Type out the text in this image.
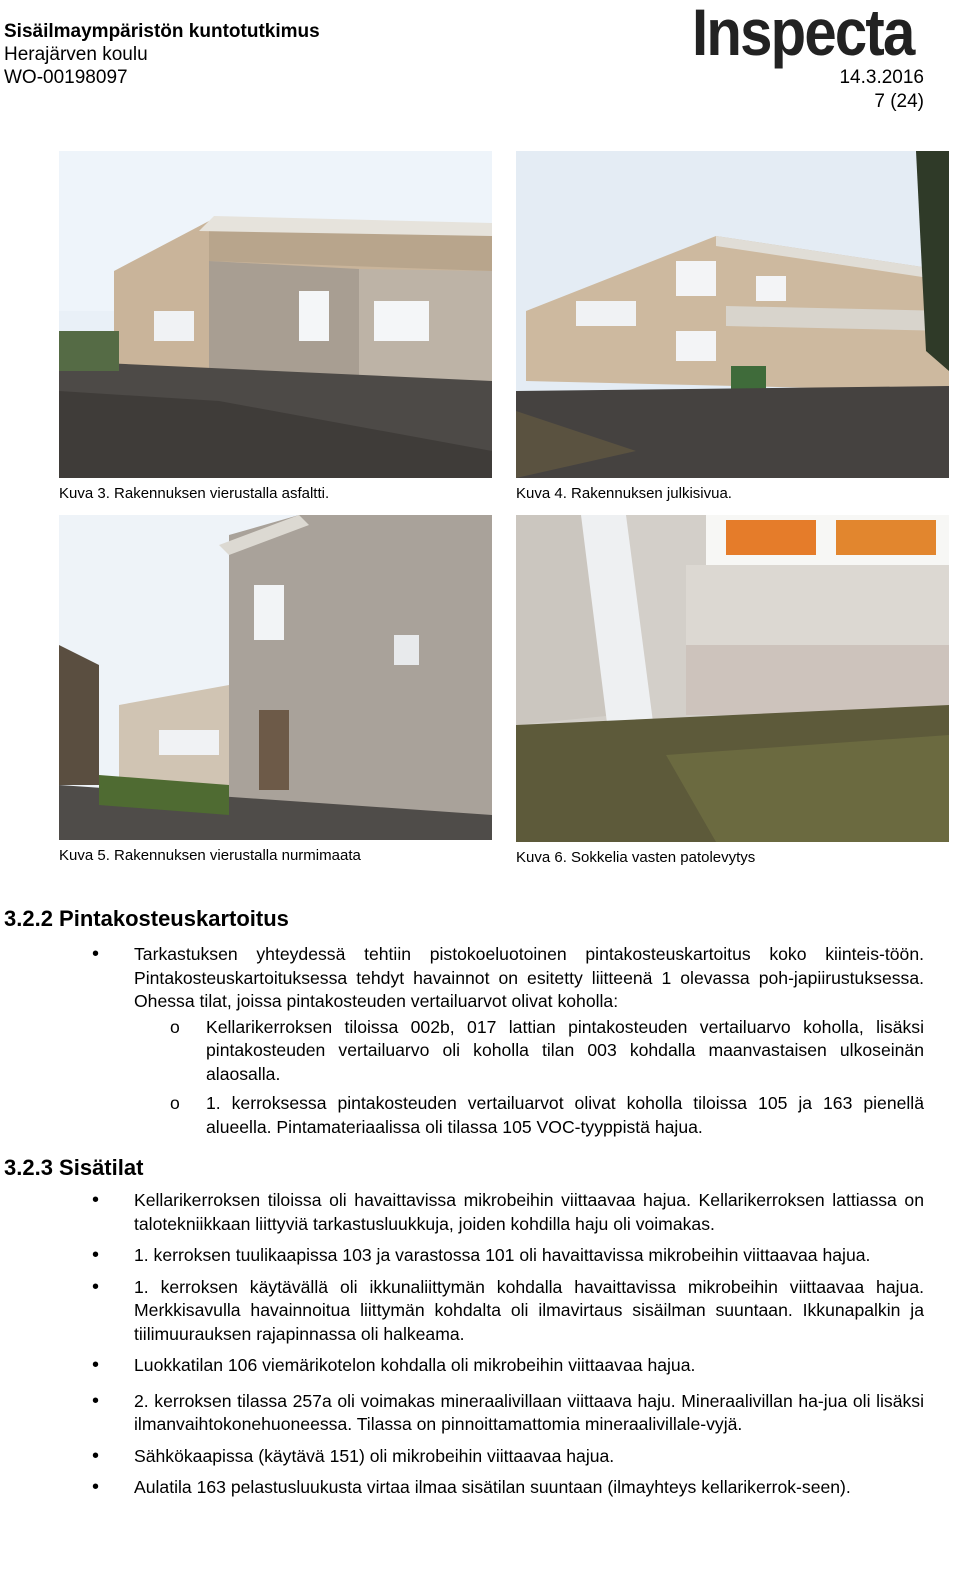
Sisäilmaympäristön kuntotutkimus
Herajärven koulu
WO-00198097
Inspecta
14.3.2016
7 (24)
Kuva 3. Rakennuksen vierustalla asfaltti.	Kuva 4. Rakennuksen julkisivua.
Kuva 5. Rakennuksen vierustalla nurmimaata	Kuva 6. Sokkelia vasten patolevytys
3.2.2 Pintakosteuskartoitus
• Tarkastuksen yhteydessä tehtiin pistokoeluotoinen pintakosteuskartoitus koko kiinteis-töön. Pintakosteuskartoituksessa tehdyt havainnot on esitetty liitteenä 1 olevassa poh-japiirustuksessa. Ohessa tilat, joissa pintakosteuden vertailuarvot olivat koholla:
o Kellarikerroksen tiloissa 002b, 017 lattian pintakosteuden vertailuarvo koholla, lisäksi pintakosteuden vertailuarvo oli koholla tilan 003 kohdalla maanvastaisen ulkoseinän alaosalla.
o 1. kerroksessa pintakosteuden vertailuarvot olivat koholla tiloissa 105 ja 163 pienellä alueella. Pintamateriaalissa oli tilassa 105 VOC-tyyppistä hajua.
3.2.3 Sisätilat
• Kellarikerroksen tiloissa oli havaittavissa mikrobeihin viittaavaa hajua. Kellarikerroksen lattiassa on talotekniikkaan liittyviä tarkastusluukkuja, joiden kohdilla haju oli voimakas.
• 1. kerroksen tuulikaapissa 103 ja varastossa 101 oli havaittavissa mikrobeihin viittaavaa hajua.
• 1. kerroksen käytävällä oli ikkunaliittymän kohdalla havaittavissa mikrobeihin viittaavaa hajua. Merkkisavulla havainnoitua liittymän kohdalta oli ilmavirtaus sisäilman suuntaan. Ikkunapalkin ja tiilimuurauksen rajapinnassa oli halkeama.
• Luokkatilan 106 viemärikotelon kohdalla oli mikrobeihin viittaavaa hajua.
• 2. kerroksen tilassa 257a oli voimakas mineraalivillaan viittaava haju. Mineraalivillan ha-jua oli lisäksi ilmanvaihtokonehuoneessa. Tilassa on pinnoittamattomia mineraalivillale-vyjä.
• Sähkökaapissa (käytävä 151) oli mikrobeihin viittaavaa hajua.
• Aulatila 163 pelastusluukusta virtaa ilmaa sisätilan suuntaan (ilmayhteys kellarikerrok-seen).
